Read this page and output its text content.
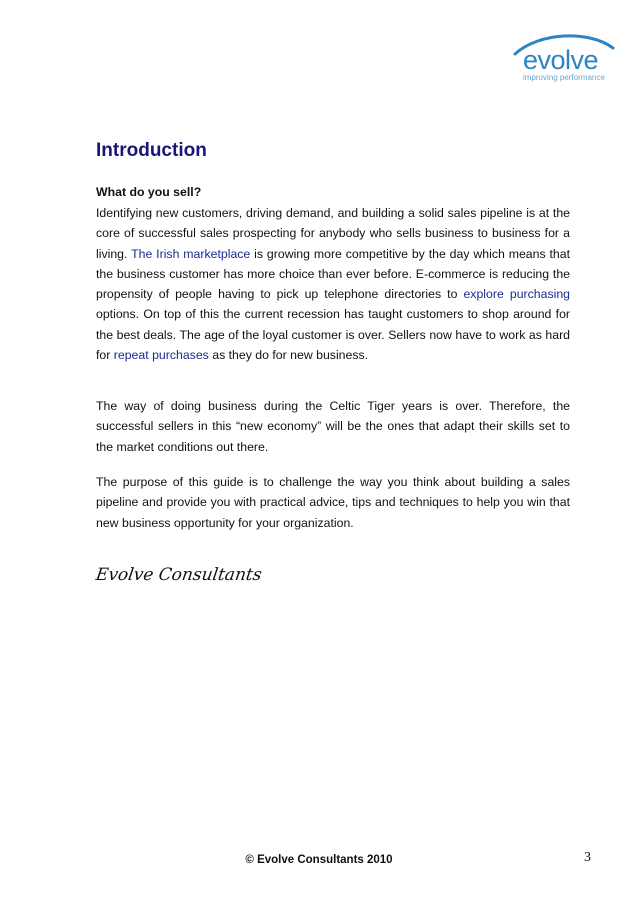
evolve
improving performance
Introduction

What do you sell?

Identifying new customers, driving demand, and building a solid sales pipeline is at the core of successful sales prospecting for anybody who sells business to business for a living. The Irish marketplace is growing more competitive by the day which means that the business customer has more choice than ever before. E-commerce is reducing the propensity of people having to pick up telephone directories to explore purchasing options. On top of this the current recession has taught customers to shop around for the best deals. The age of the loyal customer is over. Sellers now have to work as hard for repeat purchases as they do for new business.

The way of doing business during the Celtic Tiger years is over. Therefore, the successful sellers in this “new economy” will be the ones that adapt their skills set to the market conditions out there.

The purpose of this guide is to challenge the way you think about building a sales pipeline and provide you with practical advice, tips and techniques to help you win that new business opportunity for your organization.

Evolve Consultants
© Evolve Consultants 2010	3
